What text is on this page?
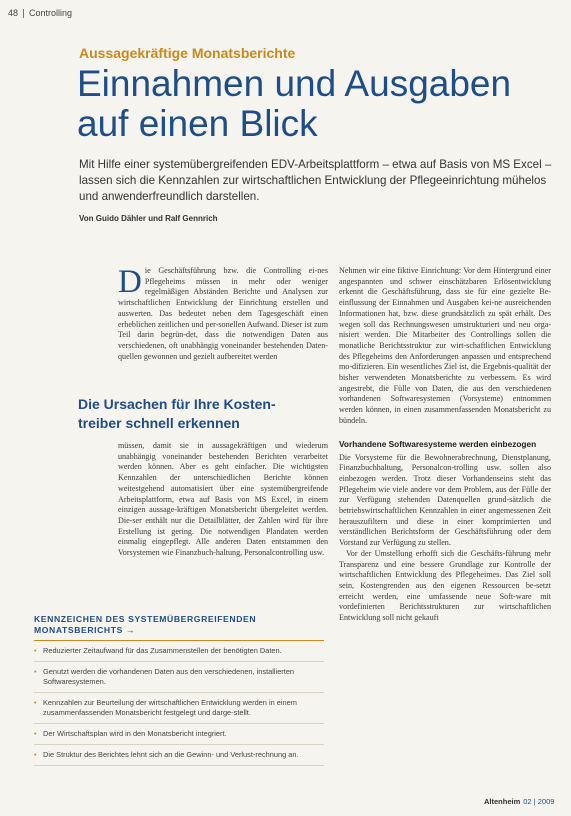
48 Controlling
Aussagekräftige Monatsberichte
Einnahmen und Ausgaben
auf einen Blick
Mit Hilfe einer systemübergreifenden EDV-Arbeitsplattform – etwa auf Basis von MS Excel – lassen sich die Kennzahlen zur wirtschaftlichen Entwicklung der Pflegeeinrichtung mühelos und anwenderfreundlich darstellen.
Von Guido Dähler und Ralf Gennrich

Die Geschäftsführung bzw. die Controlling ei-nes Pflegeheims müssen in mehr oder weniger regelmäßigen Abständen Berichte und Analysen zur wirtschaftlichen Entwicklung der Einrichtung erstellen und auswerten. Das bedeutet neben dem Tagesgeschäft einen erheblichen zeitlichen und per-sonellen Aufwand. Dieser ist zum Teil darin begrün-det, dass die notwendigen Daten aus verschiedenen, oft unabhängig voneinander bestehenden Daten-quellen gewonnen und gezielt aufbereitet werden

Die Ursachen für Ihre Kosten-treiber schnell erkennen

müssen, damit sie in aussagekräftigen und wiederum unabhängig voneinander bestehenden Berichten verarbeitet werden können. Aber es geht einfacher. Die wichtigsten Kennzahlen der unterschiedlichen Berichte können weitestgehend automatisiert über eine systemübergreifende Arbeitsplattform, etwa auf Basis von MS Excel, in einem einzigen aussage-kräftigen Monatsbericht übergeleitet werden. Die-ser enthält nur die Detailblätter, der Zahlen wird für ihre Erstellung ist gering. Die notwendigen Plandaten werden einmalig eingepflegt. Alle anderen Daten entstammen den Vorsystemen wie Finanzbuch-haltung, Personalcontrolling usw.

Nehmen wir eine fiktive Einrichtung: Vor dem Hintergrund einer angespannten und schwer einschätzbaren Erlösentwicklung erkennt die Geschäftsführung, dass sie für eine gezielte Be-einflussung der Einnahmen und Ausgaben kei-ne ausreichenden Informationen hat, bzw. diese grundsätzlich zu spät erhält. Des wegen soll das Rechnungswesen umstrukturiert und neu orga-nisiert werden. Die Mitarbeiter des Controllings sollen die monatliche Berichtsstruktur zur wirt-schaftlichen Entwicklung des Pflegeheims den Anforderungen anpassen und entsprechend mo-difizieren. Ein wesentliches Ziel ist, die Ergebnis-qualität der bisher verwendeten Monatsberichte zu verbessern. Es wird angestrebt, die Fülle von Daten, die aus den verschiedenen vorhandenen Softwaresystemen (Vorsysteme) entnommen werden können, in einen zusammenfassenden Monatsbericht zu bündeln.

Vorhandene Softwaresysteme werden einbezogen

Die Vorsysteme für die Bewohnerabrechnung, Dienstplanung, Finanzbuchhaltung, Personalcon-trolling usw. sollen also einbezogen werden. Trotz dieser Vorhandenseins steht das Pflegeheim wie viele andere vor dem Problem, aus der Fülle der zur Verfügung stehenden Datenquellen grund-sätzlich die betriebswirtschaftlichen Kennzahlen in einer angemessenen Zeit herauszufiltern und diese in einer komprimierten und verständlichen Berichtsform der Geschäftsführung oder dem Vorstand zur Verfügung zu stellen.

Vor der Umstellung erhofft sich die Geschäfts-führung mehr Transparenz und eine bessere Grundlage zur Kontrolle der wirtschaftlichen Entwicklung des Pflegeheimes. Das Ziel soll sein, Kostengrenden aus den eigenen Ressourcen be-setzt erreicht werden, eine umfassende neue Soft-ware mit vordefinierten Berichtsstrukturen zur wirtschaftlichen Entwicklung soll nicht gekauft

KENNZEICHEN DES SYSTEMÜBERGREIFENDEN MONATSBERICHTS →
• Reduzierter Zeitaufwand für das Zusammenstellen der benötigten Daten.
• Genutzt werden die vorhandenen Daten aus den verschiedenen, installierten Softwaresystemen.
• Kennzahlen zur Beurteilung der wirtschaftlichen Entwicklung werden in einem zusammenfassenden Monatsbericht festgelegt und darge-stellt.
• Der Wirtschaftsplan wird in den Monatsbericht integriert.
• Die Struktur des Berichtes lehnt sich an die Gewinn- und Verlust-rechnung an.
Altenheim 02 | 2009
